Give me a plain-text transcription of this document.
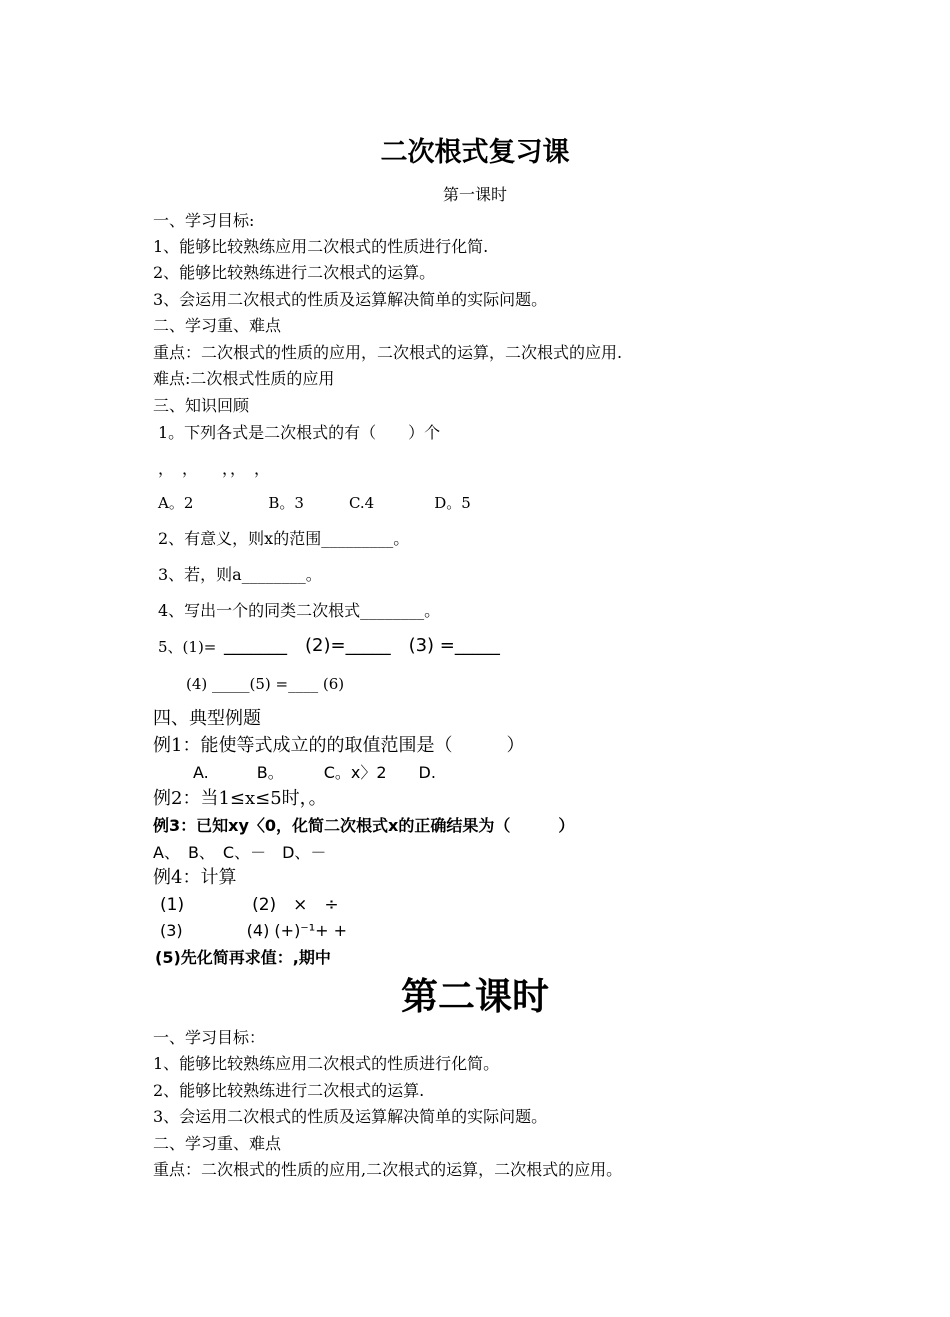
二次根式复习课
第一课时
一、学习目标:
1、能够比较熟练应用二次根式的性质进行化简.
2、能够比较熟练进行二次根式的运算。
3、会运用二次根式的性质及运算解决简单的实际问题。
二、学习重、难点
重点：二次根式的性质的应用，二次根式的运算，二次根式的应用.
难点:二次根式性质的应用
三、知识回顾
1。下列各式是二次根式的有（　　）个
，　，　　，，　，
A。2　　　　　B。3　　　C.4　　　　D。5
2、有意义，则x的范围_________。
3、若，则a________。
4、写出一个的同类二次根式________。
5、(1)= _______　(2)=_____　(3) =_____
(4) _____(5) =____ (6)
四、典型例题
例1：能使等式成立的的取值范围是（　　　）
A.　　　B。　　　C。x〉2　　D.
例2：当1≤x≤5时，。
例3：已知xy〈0，化简二次根式x的正确结果为（　　　）
A、　B、　C、－　D、－
例4：计算
(1)　　　　(2)　×　÷
(3)　　　　(4) (+)⁻¹+ +
(5)先化简再求值：,期中
第二课时
一、学习目标：
1、能够比较熟练应用二次根式的性质进行化简。
2、能够比较熟练进行二次根式的运算.
3、会运用二次根式的性质及运算解决简单的实际问题。
二、学习重、难点
重点：二次根式的性质的应用,二次根式的运算，二次根式的应用。
